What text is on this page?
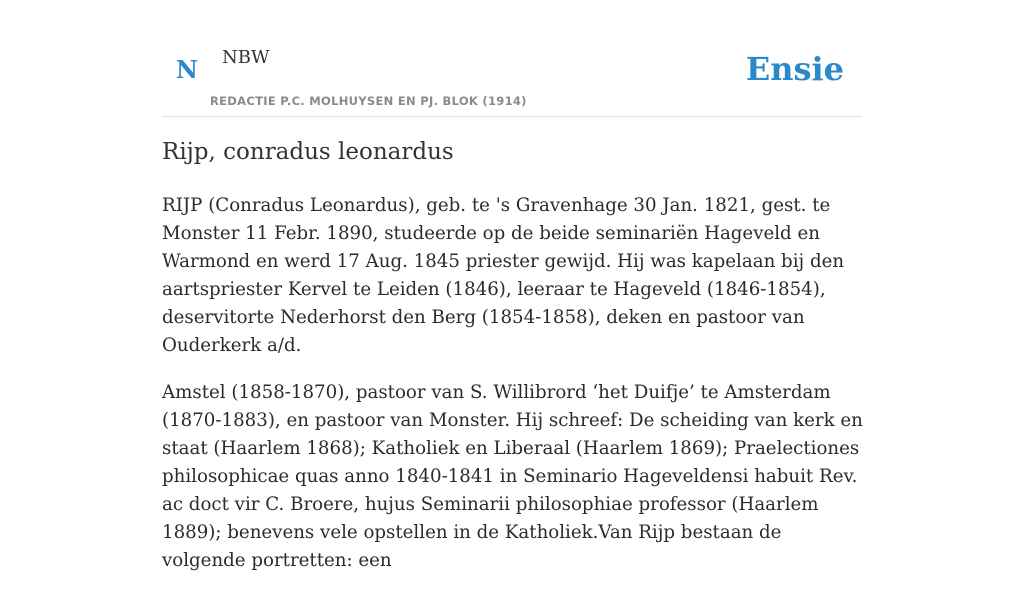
N NBW
REDACTIE P.C. MOLHUYSEN EN PJ. BLOK (1914)
Ensie
Rijp, conradus leonardus

RIJP (Conradus Leonardus), geb. te 's Gravenhage 30 Jan. 1821, gest. te Monster 11 Febr. 1890, studeerde op de beide seminariën Hageveld en Warmond en werd 17 Aug. 1845 priester gewijd. Hij was kapelaan bij den aartspriester Kervel te Leiden (1846), leeraar te Hageveld (1846-1854), deservitorte Nederhorst den Berg (1854-1858), deken en pastoor van Ouderkerk a/d.

Amstel (1858-1870), pastoor van S. Willibrord ‘het Duifje’ te Amsterdam (1870-1883), en pastoor van Monster. Hij schreef: De scheiding van kerk en staat (Haarlem 1868); Katholiek en Liberaal (Haarlem 1869); Praelectiones philosophicae quas anno 1840-1841 in Seminario Hageveldensi habuit Rev. ac doct vir C. Broere, hujus Seminarii philosophiae professor (Haarlem 1889); benevens vele opstellen in de Katholiek.Van Rijp bestaan de volgende portretten: een
